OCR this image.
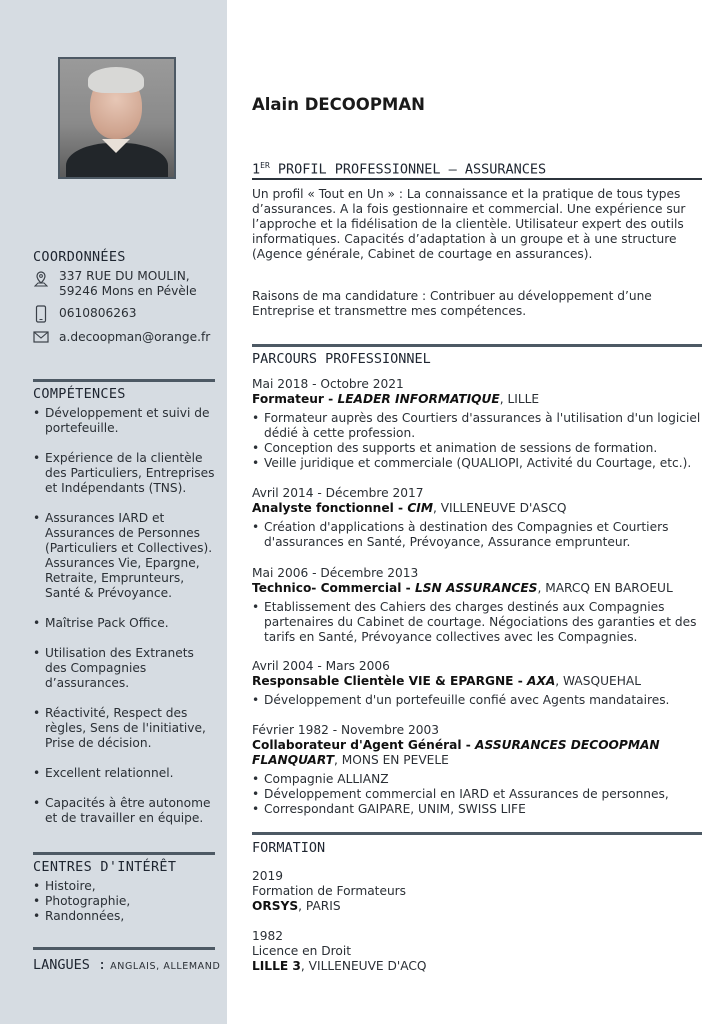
COORDONNÉES
337 RUE DU MOULIN,
59246 Mons en Pévèle
0610806263
a.decoopman@orange.fr
COMPÉTENCES
• Développement et suivi de portefeuille.
• Expérience de la clientèle des Particuliers, Entreprises et Indépendants (TNS).
• Assurances IARD et Assurances de Personnes (Particuliers et Collectives). Assurances Vie, Epargne, Retraite, Emprunteurs, Santé & Prévoyance.
• Maîtrise Pack Office.
• Utilisation des Extranets des Compagnies d’assurances.
• Réactivité, Respect des règles, Sens de l'initiative, Prise de décision.
• Excellent relationnel.
• Capacités à être autonome et de travailler en équipe.
CENTRES D'INTÉRÊT
• Histoire,
• Photographie,
• Randonnées,
LANGUES : ANGLAIS, ALLEMAND
Alain DECOOPMAN
1ER PROFIL PROFESSIONNEL – ASSURANCES

Un profil « Tout en Un » : La connaissance et la pratique de tous types d’assurances. A la fois gestionnaire et commercial. Une expérience sur l’approche et la fidélisation de la clientèle. Utilisateur expert des outils informatiques. Capacités d’adaptation à un groupe et à une structure (Agence générale, Cabinet de courtage en assurances).

Raisons de ma candidature : Contribuer au développement d’une Entreprise et transmettre mes compétences.

PARCOURS PROFESSIONNEL
Mai 2018 - Octobre 2021
Formateur - LEADER INFORMATIQUE, LILLE
• Formateur auprès des Courtiers d'assurances à l'utilisation d'un logiciel dédié à cette profession.
• Conception des supports et animation de sessions de formation.
• Veille juridique et commerciale (QUALIOPI, Activité du Courtage, etc.).
Avril 2014 - Décembre 2017
Analyste fonctionnel - CIM, VILLENEUVE D'ASCQ
• Création d'applications à destination des Compagnies et Courtiers d'assurances en Santé, Prévoyance, Assurance emprunteur.
Mai 2006 - Décembre 2013
Technico- Commercial - LSN ASSURANCES, MARCQ EN BAROEUL
• Etablissement des Cahiers des charges destinés aux Compagnies partenaires du Cabinet de courtage. Négociations des garanties et des tarifs en Santé, Prévoyance collectives avec les Compagnies.
Avril 2004 - Mars 2006
Responsable Clientèle VIE & EPARGNE - AXA, WASQUEHAL
• Développement d'un portefeuille confié avec Agents mandataires.
Février 1982 - Novembre 2003
Collaborateur d'Agent Général - ASSURANCES DECOOPMAN FLANQUART, MONS EN PEVELE
• Compagnie ALLIANZ
• Développement commercial en IARD et Assurances de personnes,
• Correspondant GAIPARE, UNIM, SWISS LIFE
FORMATION
2019
Formation de Formateurs
ORSYS, PARIS
1982
Licence en Droit
LILLE 3, VILLENEUVE D'ACQ
